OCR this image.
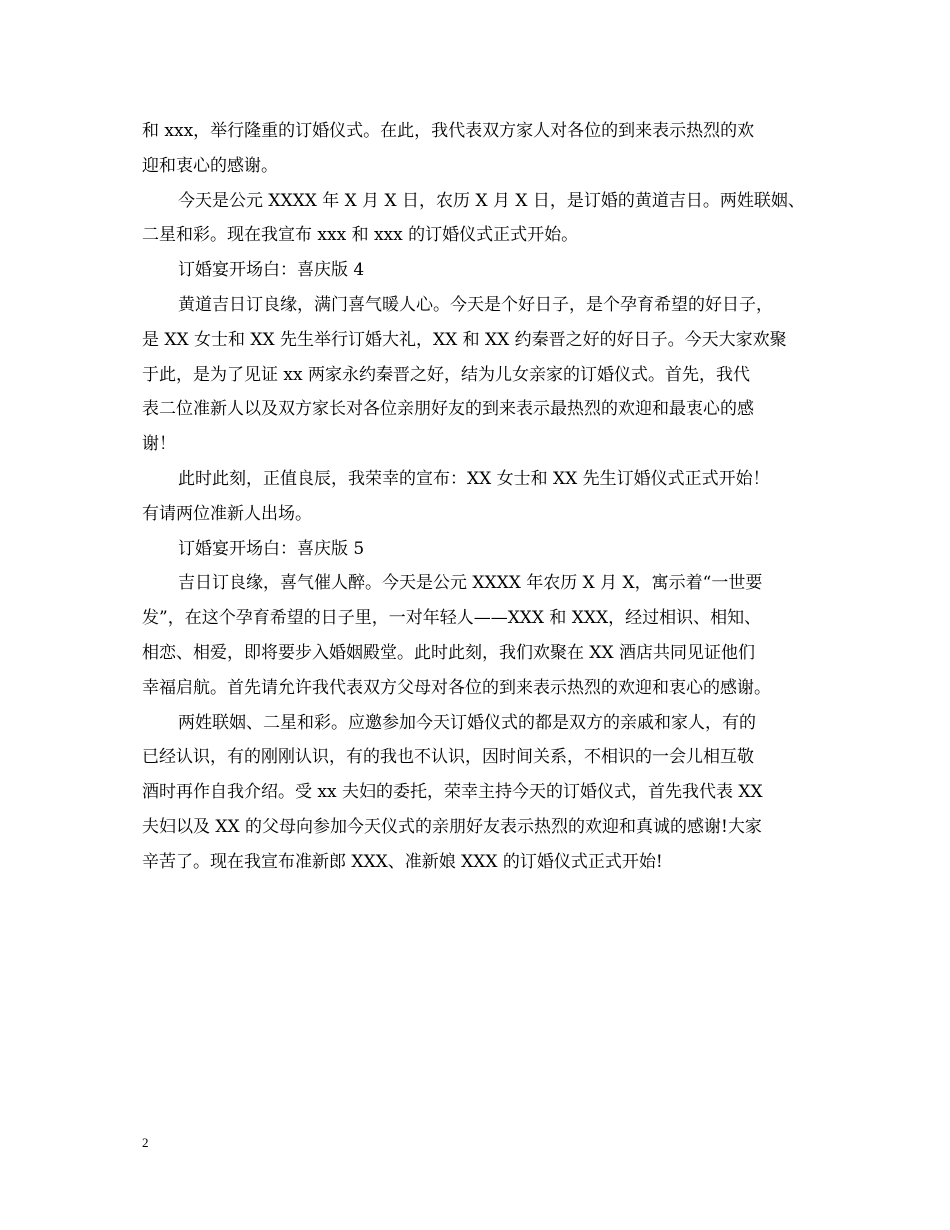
和 xxx，举行隆重的订婚仪式。在此，我代表双方家人对各位的到来表示热烈的欢
迎和衷心的感谢。
今天是公元 XXXX 年 X 月 X 日，农历 X 月 X 日，是订婚的黄道吉日。两姓联姻、
二星和彩。现在我宣布 xxx 和 xxx 的订婚仪式正式开始。
订婚宴开场白：喜庆版 4
黄道吉日订良缘，满门喜气暖人心。今天是个好日子，是个孕育希望的好日子，
是 XX 女士和 XX 先生举行订婚大礼，XX 和 XX 约秦晋之好的好日子。今天大家欢聚
于此，是为了见证 xx 两家永约秦晋之好，结为儿女亲家的订婚仪式。首先，我代
表二位准新人以及双方家长对各位亲朋好友的到来表示最热烈的欢迎和最衷心的感
谢！
此时此刻，正值良辰，我荣幸的宣布：XX 女士和 XX 先生订婚仪式正式开始！
有请两位准新人出场。
订婚宴开场白：喜庆版 5
吉日订良缘，喜气催人醉。今天是公元 XXXX 年农历 X 月 X，寓示着“一世要
发”，在这个孕育希望的日子里，一对年轻人——XXX 和 XXX，经过相识、相知、
相恋、相爱，即将要步入婚姻殿堂。此时此刻，我们欢聚在 XX 酒店共同见证他们
幸福启航。首先请允许我代表双方父母对各位的到来表示热烈的欢迎和衷心的感谢。
两姓联姻、二星和彩。应邀参加今天订婚仪式的都是双方的亲戚和家人，有的
已经认识，有的刚刚认识，有的我也不认识，因时间关系，不相识的一会儿相互敬
酒时再作自我介绍。受 xx 夫妇的委托，荣幸主持今天的订婚仪式，首先我代表 XX
夫妇以及 XX 的父母向参加今天仪式的亲朋好友表示热烈的欢迎和真诚的感谢!大家
辛苦了。现在我宣布准新郎 XXX、准新娘 XXX 的订婚仪式正式开始!
2
